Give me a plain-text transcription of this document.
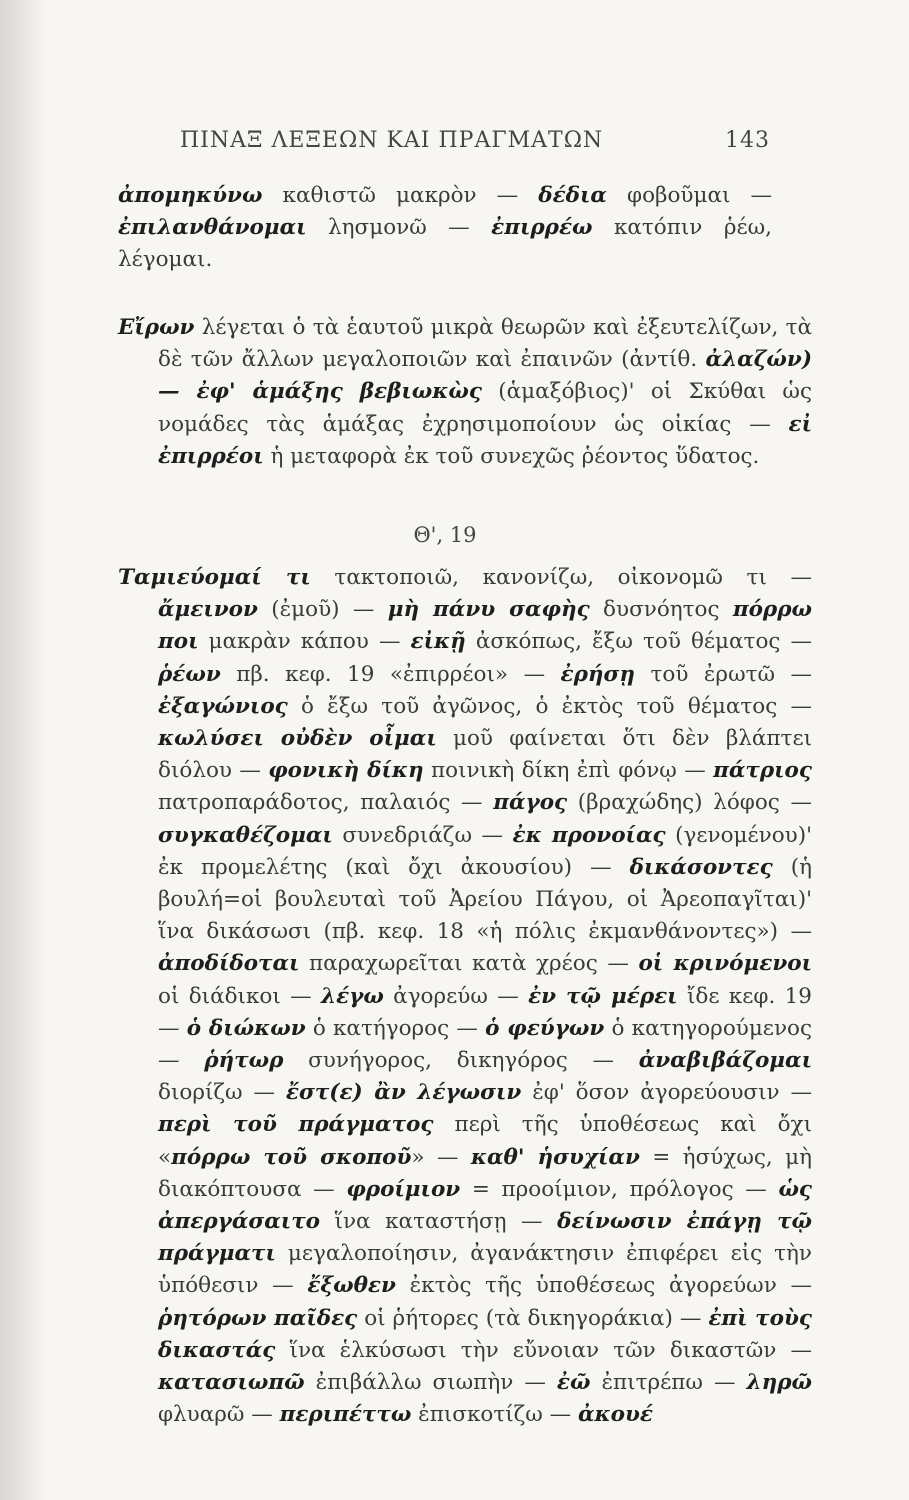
ΠΙΝΑΞ ΛΕΞΕΩΝ ΚΑΙ ΠΡΑΓΜΑΤΩΝ	143
ἀπομηκύνω καθιστῶ μακρὸν — δέδια φοβοῦμαι — ἐπιλανθάνομαι λησμονῶ — ἐπιρρέω κατόπιν ῥέω, λέγομαι.
Εἴρων λέγεται ὁ τὰ ἑαυτοῦ μικρὰ θεωρῶν καὶ ἐξευτελίζων, τὰ δὲ τῶν ἄλλων μεγαλοποιῶν καὶ ἐπαινῶν (ἀντίθ. ἀλαζών) — ἐφ' ἁμάξης βεβιωκὼς (ἁμαξόβιος)' οἱ Σκύθαι ὡς νομάδες τὰς ἁμάξας ἐχρησιμοποίουν ὡς οἰκίας — εἰ ἐπιρρέοι ἡ μεταφορὰ ἐκ τοῦ συνεχῶς ῥέοντος ὕδατος.
Θ', 19
Ταμιεύομαί τι τακτοποιῶ, κανονίζω, οἰκονομῶ τι — ἄμεινον (ἐμοῦ) — μὴ πάνυ σαφὴς δυσνόητος πόρρω ποι μακρὰν κάπου — εἰκῇ ἀσκόπως, ἔξω τοῦ θέματος — ῥέων πβ. κεφ. 19 «ἐπιρρέοι» — ἐρήσῃ τοῦ ἐρωτῶ — ἐξαγώνιος ὁ ἔξω τοῦ ἀγῶνος, ὁ ἐκτὸς τοῦ θέματος — κωλύσει οὐδὲν οἶμαι μοῦ φαίνεται ὅτι δὲν βλάπτει διόλου — φονικὴ δίκη ποινικὴ δίκη ἐπὶ φόνῳ — πάτριος πατροπαράδοτος, παλαιός — πάγος (βραχώδης) λόφος — συγκαθέζομαι συνεδριάζω — ἐκ προνοίας (γενομένου)' ἐκ προμελέτης (καὶ ὄχι ἀκουσίου) — δικάσοντες (ἡ βουλή=οἱ βουλευταὶ τοῦ Ἀρείου Πάγου, οἱ Ἀρεοπαγῖται)' ἵνα δικάσωσι (πβ. κεφ. 18 «ἡ πόλις ἐκμανθάνοντες») — ἀποδίδοται παραχωρεῖται κατὰ χρέος — οἱ κρινόμενοι οἱ διάδικοι — λέγω ἀγορεύω — ἐν τῷ μέρει ἴδε κεφ. 19 — ὁ διώκων ὁ κατήγορος — ὁ φεύγων ὁ κατηγορούμενος — ῥήτωρ συνήγορος, δικηγόρος — ἀναβιβάζομαι διορίζω — ἔστ(ε) ἂν λέγωσιν ἐφ' ὅσον ἀγορεύουσιν — περὶ τοῦ πράγματος περὶ τῆς ὑποθέσεως καὶ ὄχι «πόρρω τοῦ σκοποῦ» — καθ' ἡσυχίαν = ἡσύχως, μὴ διακόπτουσα — φροίμιον = προοίμιον, πρόλογος — ὡς ἀπεργάσαιτο ἵνα καταστήσῃ — δείνωσιν ἐπάγῃ τῷ πράγματι μεγαλοποίησιν, ἀγανάκτησιν ἐπιφέρει εἰς τὴν ὑπόθεσιν — ἔξωθεν ἐκτὸς τῆς ὑποθέσεως ἀγορεύων — ῥητόρων παῖδες οἱ ῥήτορες (τὰ δικηγοράκια) — ἐπὶ τοὺς δικαστάς ἵνα ἑλκύσωσι τὴν εὔνοιαν τῶν δικαστῶν — κατασιωπῶ ἐπιβάλλω σιωπὴν — ἐῶ ἐπιτρέπω — ληρῶ φλυαρῶ — περιπέττω ἐπισκοτίζω — ἀκουέ
